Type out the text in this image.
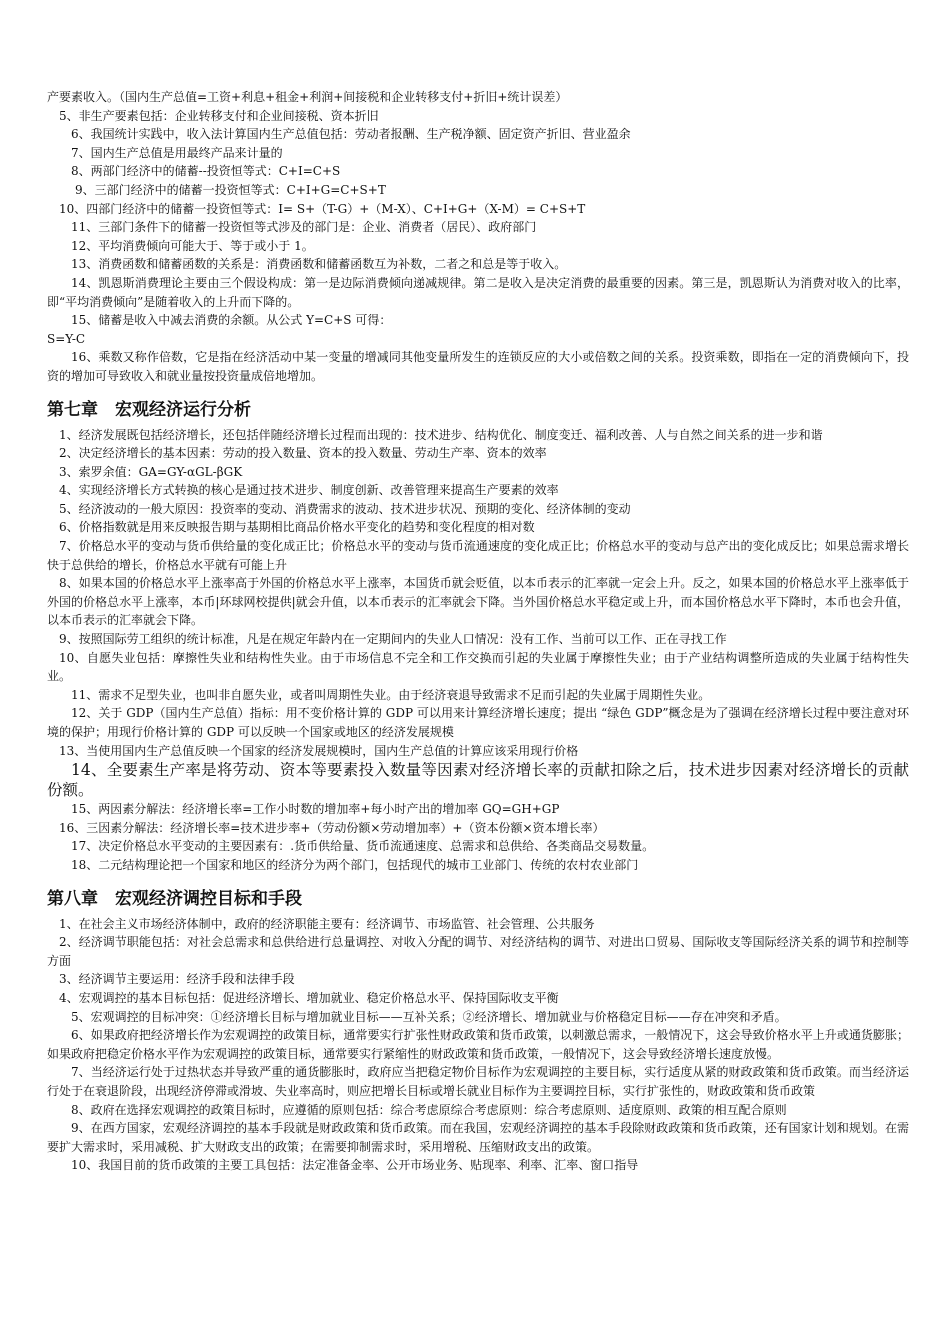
产要素收入。（国内生产总值=工资+利息+租金+利润+间接税和企业转移支付+折旧+统计误差）

5、非生产要素包括：企业转移支付和企业间接税、资本折旧

6、我国统计实践中，收入法计算国内生产总值包括：劳动者报酬、生产税净额、固定资产折旧、营业盈余

7、国内生产总值是用最终产品来计量的

8、两部门经济中的储蓄--投资恒等式：C+I=C+S

9、三部门经济中的储蓄一投资恒等式：C+I+G=C+S+T

10、四部门经济中的储蓄一投资恒等式：I= S+（T-G）+（M-X）、C+I+G+（X-M）= C+S+T

11、三部门条件下的储蓄一投资恒等式涉及的部门是：企业、消费者（居民）、政府部门

12、平均消费倾向可能大于、等于或小于 1。

13、消费函数和储蓄函数的关系是：消费函数和储蓄函数互为补数，二者之和总是等于收入。

14、凯恩斯消费理论主要由三个假设构成：第一是边际消费倾向递减规律。第二是收入是决定消费的最重要的因素。第三是，凯恩斯认为消费对收入的比率，即“平均消费倾向”是随着收入的上升而下降的。

15、储蓄是收入中减去消费的余额。从公式 Y=C+S 可得：

S=Y-C

16、乘数又称作倍数，它是指在经济活动中某一变量的增减同其他变量所发生的连锁反应的大小或倍数之间的关系。投资乘数，即指在一定的消费倾向下，投资的增加可导致收入和就业量按投资量成倍地增加。

第七章　宏观经济运行分析

1、经济发展既包括经济增长，还包括伴随经济增长过程而出现的：技术进步、结构优化、制度变迁、福利改善、人与自然之间关系的进一步和谐

2、决定经济增长的基本因素：劳动的投入数量、资本的投入数量、劳动生产率、资本的效率

3、索罗余值：GA=GY-αGL-βGK

4、实现经济增长方式转换的核心是通过技术进步、制度创新、改善管理来提高生产要素的效率

5、经济波动的一般大原因：投资率的变动、消费需求的波动、技术进步状况、预期的变化、经济体制的变动

6、价格指数就是用来反映报告期与基期相比商品价格水平变化的趋势和变化程度的相对数

7、价格总水平的变动与货币供给量的变化成正比；价格总水平的变动与货币流通速度的变化成正比；价格总水平的变动与总产出的变化成反比；如果总需求增长快于总供给的增长，价格总水平就有可能上升

8、如果本国的价格总水平上涨率高于外国的价格总水平上涨率，本国货币就会贬值，以本币表示的汇率就一定会上升。反之，如果本国的价格总水平上涨率低于外国的价格总水平上涨率，本币|环球网校提供|就会升值，以本币表示的汇率就会下降。当外国价格总水平稳定或上升，而本国价格总水平下降时，本币也会升值，以本币表示的汇率就会下降。

9、按照国际劳工组织的统计标准，凡是在规定年龄内在一定期间内的失业人口情况：没有工作、当前可以工作、正在寻找工作

10、自愿失业包括：摩擦性失业和结构性失业。由于市场信息不完全和工作交换而引起的失业属于摩擦性失业；由于产业结构调整所造成的失业属于结构性失业。

11、需求不足型失业，也叫非自愿失业，或者叫周期性失业。由于经济衰退导致需求不足而引起的失业属于周期性失业。

12、关于 GDP（国内生产总值）指标：用不变价格计算的 GDP 可以用来计算经济增长速度；提出 “绿色 GDP”概念是为了强调在经济增长过程中要注意对环境的保护；用现行价格计算的 GDP 可以反映一个国家或地区的经济发展规模

13、当使用国内生产总值反映一个国家的经济发展规模时，国内生产总值的计算应该采用现行价格

14、全要素生产率是将劳动、资本等要素投入数量等因素对经济增长率的贡献扣除之后，技术进步因素对经济增长的贡献份额。

15、两因素分解法：经济增长率=工作小时数的增加率+每小时产出的增加率 GQ=GH+GP

16、三因素分解法：经济增长率=技术进步率+（劳动份额×劳动增加率）+（资本份额×资本增长率）

17、决定价格总水平变动的主要因素有：.货币供给量、货币流通速度、总需求和总供给、各类商品交易数量。

18、二元结构理论把一个国家和地区的经济分为两个部门，包括现代的城市工业部门、传统的农村农业部门

第八章　宏观经济调控目标和手段

1、在社会主义市场经济体制中，政府的经济职能主要有：经济调节、市场监管、社会管理、公共服务

2、经济调节职能包括：对社会总需求和总供给进行总量调控、对收入分配的调节、对经济结构的调节、对进出口贸易、国际收支等国际经济关系的调节和控制等方面

3、经济调节主要运用：经济手段和法律手段

4、宏观调控的基本目标包括：促进经济增长、增加就业、稳定价格总水平、保持国际收支平衡

5、宏观调控的目标冲突：①经济增长目标与增加就业目标——互补关系；②经济增长、增加就业与价格稳定目标——存在冲突和矛盾。

6、如果政府把经济增长作为宏观调控的政策目标，通常要实行扩张性财政政策和货币政策，以刺激总需求，一般情况下，这会导致价格水平上升或通货膨胀；如果政府把稳定价格水平作为宏观调控的政策目标，通常要实行紧缩性的财政政策和货币政策，一般情况下，这会导致经济增长速度放慢。

7、当经济运行处于过热状态并导致严重的通货膨胀时，政府应当把稳定物价目标作为宏观调控的主要目标，实行适度从紧的财政政策和货币政策。而当经济运行处于在衰退阶段，出现经济停滞或滑坡、失业率高时，则应把增长目标或增长就业目标作为主要调控目标，实行扩张性的，财政政策和货币政策

8、政府在选择宏观调控的政策目标时，应遵循的原则包括：综合考虑原综合考虑原则：综合考虑原则、适度原则、政策的相互配合原则

9、在西方国家，宏观经济调控的基本手段就是财政政策和货币政策。而在我国，宏观经济调控的基本手段除财政政策和货币政策，还有国家计划和规划。在需要扩大需求时，采用减税、扩大财政支出的政策；在需要抑制需求时，采用增税、压缩财政支出的政策。

10、我国目前的货币政策的主要工具包括：法定准备金率、公开市场业务、贴现率、利率、汇率、窗口指导
